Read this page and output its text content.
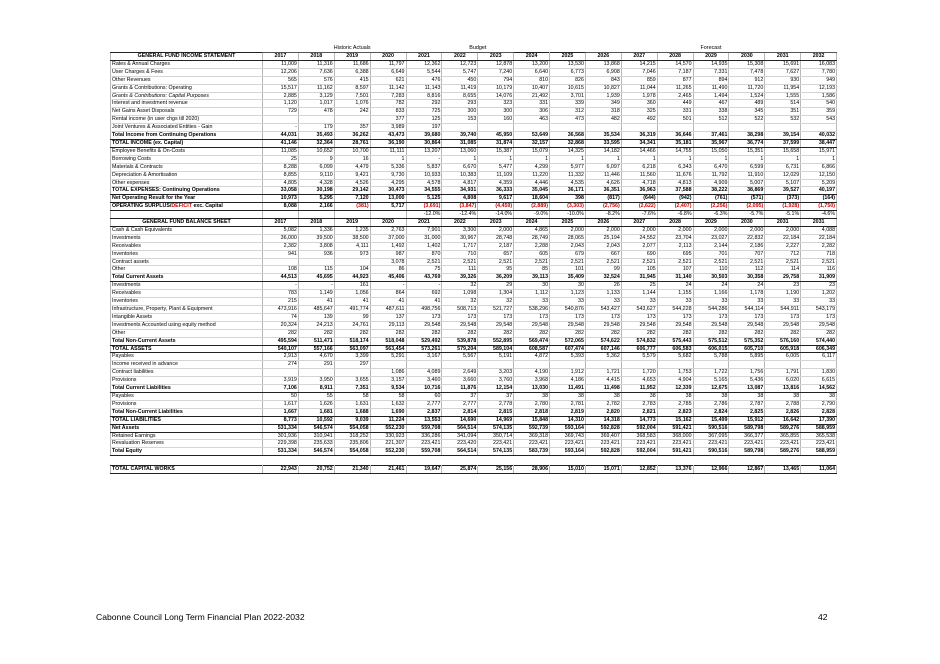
	Historic Actuals					Budget				Forecast						
GENERAL FUND INCOME STATEMENT	2017	2018	2019	2020	2021	2022	2023	2024	2025	2026	2027	2028	2029	2030	2031	2032
Rates & Annual Charges	11,009	11,316	11,686	11,797	12,362	12,723	12,878	13,200	13,530	13,868	14,215	14,570	14,935	15,308	15,691	16,083
User Charges & Fees	12,206	7,636	6,388	6,649	5,544	5,747	7,240	6,640	6,773	6,908	7,046	7,187	7,331	7,478	7,627	7,780
Other Revenues	565	576	415	621	476	450	794	810	826	843	859	877	894	912	930	949
Grants & Contributions: Operating	15,517	11,162	8,597	11,142	11,143	11,419	10,179	10,407	10,615	10,827	11,044	11,265	11,490	11,720	11,954	12,193
Grants & Contributions: Capital Purposes	2,885	3,129	7,501	7,283	8,816	8,655	14,076	21,492	3,701	1,939	1,978	2,465	1,494	1,524	1,555	1,586
Interest and investment revenue	1,120	1,017	1,076	782	292	293	323	331	339	349	360	449	467	489	514	540
Net Gains Asset Disposals	729	478	242	833	725	300	300	306	312	318	325	331	338	345	351	359
Rental income (in user chgs till 2020)				377	125	153	160	463	473	482	492	501	512	522	532	543
Joint Ventures & Associated Entities - Gain	-	179	357	3,989	197											
Total Income from Continuing Operations	44,031	35,493	36,262	43,473	39,680	39,740	45,950	53,649	36,568	35,534	36,319	36,646	37,461	38,298	39,154	40,032
TOTAL INCOME (ex. Capital)	41,146	32,364	28,761	36,190	30,864	31,085	31,874	32,157	32,868	33,595	34,341	35,181	35,967	36,774	37,599	38,447
Employee Benefits & On-Costs	11,085	10,652	10,700	11,111	13,207	13,060	15,387	15,079	14,325	14,182	14,466	14,755	15,050	15,351	15,658	15,971
Borrowing Costs	25	9	16	1	-	1	1	1	1	1	1	1	1	1	1	1
Materials & Contracts	8,288	6,099	4,479	5,336	5,837	6,670	5,477	4,299	5,977	6,097	6,218	6,343	6,470	6,599	6,731	6,866
Depreciation & Amortisation	8,855	9,110	9,421	9,730	10,933	10,383	11,109	11,220	11,332	11,446	11,560	11,676	11,792	11,910	12,029	12,150
Other expenses	4,805	4,328	4,526	4,295	4,578	4,817	4,359	4,446	4,535	4,626	4,718	4,813	4,909	5,007	5,107	5,209
TOTAL EXPENSES: Continuing Operations	33,058	30,198	29,142	30,473	34,555	34,931	36,333	35,045	36,171	36,351	36,963	37,588	38,222	38,869	39,527	40,197
Net Operating Result for the Year	10,973	5,295	7,120	13,000	5,125	4,808	9,617	18,604	398	(817)	(644)	(942)	(761)	(571)	(373)	(164)
OPERATING SURPLUS/DEFICIT exc. Capital	8,088	2,166	(381)	5,717	(3,691)	(3,847)	(4,459)	(2,889)	(3,303)	(2,756)	(2,622)	(2,407)	(2,256)	(2,095)	(1,928)	(1,750)
					-12.0%	-12.4%	-14.0%	-9.0%	-10.0%	-8.2%	-7.6%	-6.8%	-6.3%	-5.7%	-5.1%	-4.6%
GENERAL FUND BALANCE SHEET	2017	2018	2019	2020	2021	2022	2023	2024	2025	2026	2027	2028	2029	2030	2031	2031
Cash & Cash Equivalents	5,082	1,336	1,235	2,763	7,901	3,300	2,000	4,865	2,000	2,000	2,000	2,000	2,000	2,000	2,000	4,088
Investments	36,000	39,500	38,500	37,000	31,000	30,967	28,748	28,749	28,065	25,194	24,552	23,704	23,027	22,832	22,184	22,184
Receivables	2,382	3,808	4,111	1,492	1,402	1,717	2,187	2,288	2,043	2,043	2,077	2,113	2,144	2,186	2,227	2,282
Inventories	941	936	973	987	870	710	657	605	679	667	690	695	701	707	712	718
Contract assets				3,078	2,521	2,521	2,521	2,521	2,521	2,521	2,521	2,521	2,521	2,521	2,521	2,521
Other	108	115	104	86	75	111	95	85	101	99	105	107	110	112	114	116
Total Current Assets	44,513	45,695	44,923	45,406	43,769	39,326	36,209	39,113	35,409	32,524	31,945	31,140	30,503	30,358	29,758	31,909
Investments	-	-	161	-	-	32	29	30	30	26	25	24	24	24	23	23
Receivables	783	1,149	1,056	864	692	1,098	1,304	1,112	1,123	1,133	1,144	1,155	1,166	1,178	1,190	1,202
Inventories	215	41	41	41	41	32	32	33	33	33	33	33	33	33	33	33
Infrastructure, Property, Plant & Equipment	473,916	485,647	491,774	487,611	498,756	508,713	521,727	538,296	540,876	543,427	543,627	544,228	544,286	544,114	544,911	543,179
Intangible Assets	74	139	99	137	173	173	173	173	173	173	173	173	173	173	173	173
Investments Accounted using equity method	20,324	24,213	24,761	29,113	29,548	29,548	29,548	29,548	29,548	29,548	29,548	29,548	29,548	29,548	29,548	29,548
Other	282	282	282	282	282	282	282	282	282	282	282	282	282	282	282	282
Total Non-Current Assets	495,594	511,471	518,174	518,048	529,492	539,878	552,895	569,474	572,065	574,622	574,832	575,443	575,512	575,352	576,160	574,440
TOTAL ASSETS	540,107	557,166	563,097	563,454	573,261	579,204	589,104	608,587	607,474	607,146	606,777	606,583	606,015	605,710	605,918	606,349
Payables	2,913	4,670	3,399	5,291	3,167	5,567	5,191	4,872	5,393	5,362	5,579	5,682	5,788	5,895	6,005	6,117
Income received in advance	274	291	297													
Contract liabilities				1,086	4,089	2,649	3,203	4,190	1,912	1,721	1,720	1,753	1,722	1,756	1,791	1,830
Provisions	3,919	3,950	3,655	3,157	3,460	3,660	3,760	3,968	4,186	4,415	4,653	4,904	5,165	5,436	6,020	6,615
Total Current Liabilities	7,106	8,911	7,351	9,534	10,716	11,876	12,154	13,030	11,491	11,498	11,952	12,339	12,675	13,087	13,816	14,562
Payables	50	55	58	58	60	37	37	38	38	38	38	38	38	38	38	38
Provisions	1,617	1,626	1,631	1,632	2,777	2,777	2,778	2,780	2,781	2,782	2,783	2,785	2,786	2,787	2,788	2,790
Total Non-Current Liabilities	1,667	1,681	1,688	1,690	2,837	2,814	2,815	2,818	2,819	2,820	2,821	2,823	2,824	2,825	2,826	2,828
TOTAL LIABILITIES	8,773	10,592	9,039	11,224	13,553	14,690	14,969	15,848	14,310	14,318	14,773	15,162	15,499	15,912	16,642	17,390
Net Assets	531,334	546,574	554,058	552,230	559,708	564,514	574,135	592,739	593,164	592,828	592,004	591,421	590,516	589,798	589,276	588,959
Retained Earnings	301,936	310,941	318,252	330,923	336,286	341,094	350,714	369,318	369,743	369,407	368,583	368,000	367,095	366,377	365,855	365,538
Revaluation Reserves	229,398	235,633	235,806	221,307	223,421	223,420	223,421	223,421	223,421	223,421	223,421	223,421	223,421	223,421	223,421	223,421
Total Equity	531,334	546,574	554,058	552,230	559,708	564,514	574,135	583,739	593,164	592,828	592,004	591,421	590,516	589,798	589,276	588,959

TOTAL CAPITAL WORKS	22,943	20,752	21,340	21,461	19,647	25,874	25,156	28,906	15,010	15,071	12,852	13,376	12,966	12,867	13,465	11,064
Cabonne Council Long Term Financial Plan 2022-2032	42
